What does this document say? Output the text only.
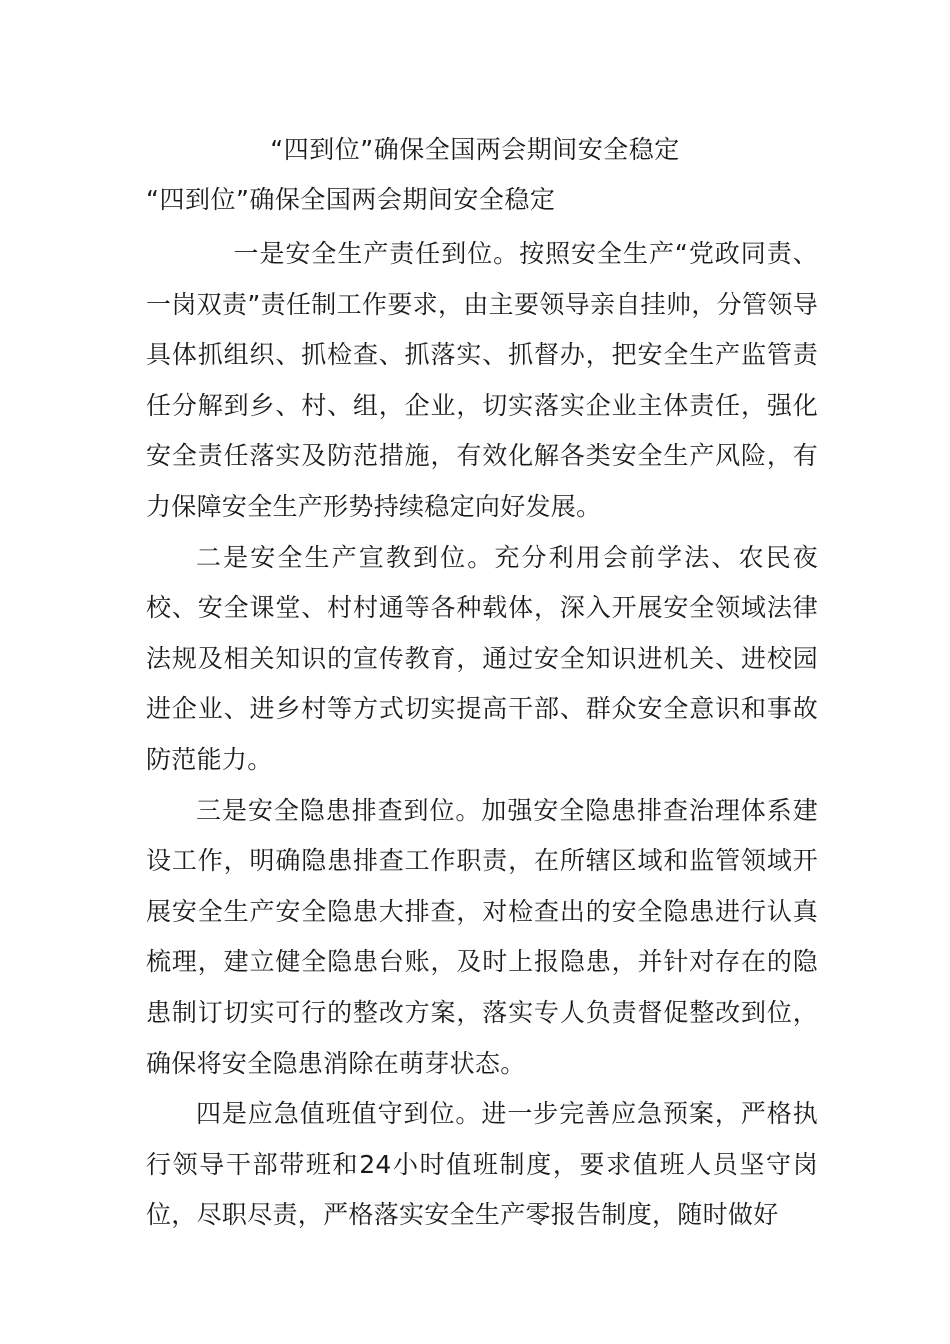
“四到位”确保全国两会期间安全稳定
“四到位”确保全国两会期间安全稳定

一是安全生产责任到位。按照安全生产“党政同责、一岗双责”责任制工作要求，由主要领导亲自挂帅，分管领导具体抓组织、抓检查、抓落实、抓督办，把安全生产监管责任分解到乡、村、组，企业，切实落实企业主体责任，强化安全责任落实及防范措施，有效化解各类安全生产风险，有力保障安全生产形势持续稳定向好发展。

二是安全生产宣教到位。充分利用会前学法、农民夜校、安全课堂、村村通等各种载体，深入开展安全领域法律法规及相关知识的宣传教育，通过安全知识进机关、进校园进企业、进乡村等方式切实提高干部、群众安全意识和事故防范能力。

三是安全隐患排查到位。加强安全隐患排查治理体系建设工作，明确隐患排查工作职责，在所辖区域和监管领域开展安全生产安全隐患大排查，对检查出的安全隐患进行认真梳理，建立健全隐患台账，及时上报隐患，并针对存在的隐患制订切实可行的整改方案，落实专人负责督促整改到位，确保将安全隐患消除在萌芽状态。

四是应急值班值守到位。进一步完善应急预案，严格执行领导干部带班和24小时值班制度，要求值班人员坚守岗位，尽职尽责，严格落实安全生产零报告制度，随时做好
